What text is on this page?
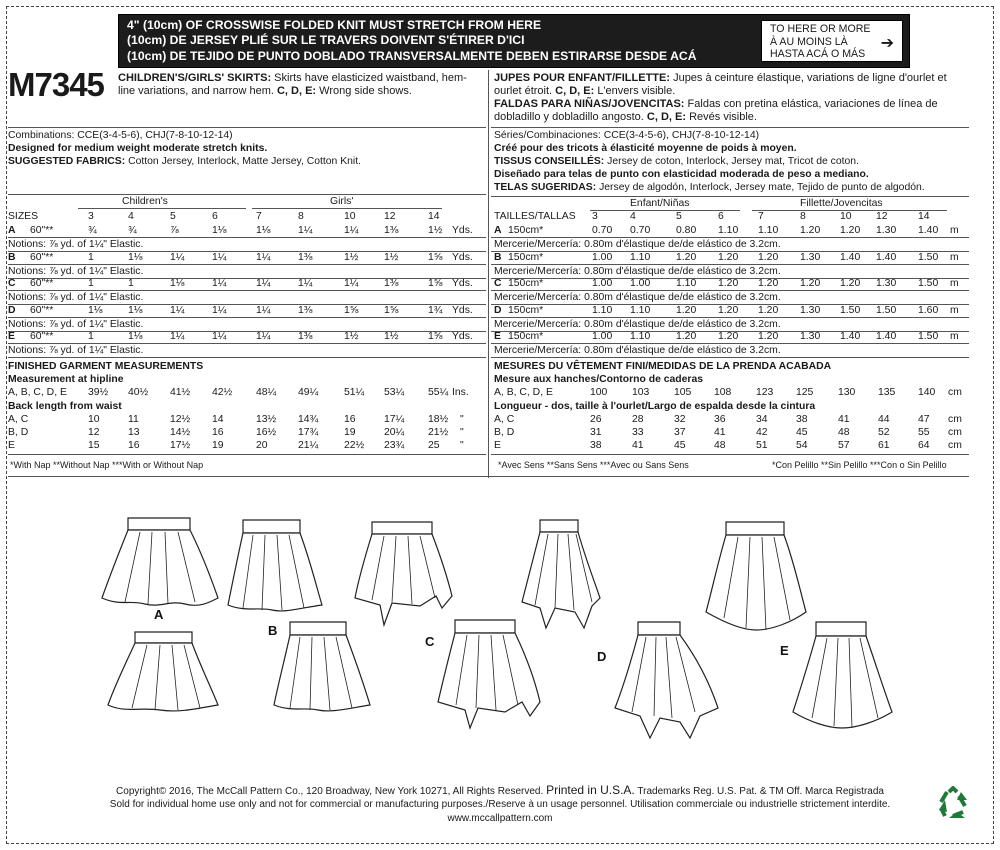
4" (10cm) OF CROSSWISE FOLDED KNIT MUST STRETCH FROM HERE
(10cm) DE JERSEY PLIÉ SUR LE TRAVERS DOIVENT S'ÉTIRER D'ICI
(10cm) DE TEJIDO DE PUNTO DOBLADO TRANSVERSALMENTE DEBEN ESTIRARSE DESDE ACÁ
TO HERE OR MORE
À AU MOINS LÀ
HASTA ACÁ O MÁS
➔
M7345 CHILDREN'S/GIRLS' SKIRTS: Skirts have elasticized waistband, hem-
line variations, and narrow hem. C, D, E: Wrong side shows.
JUPES POUR ENFANT/FILLETTE: Jupes à ceinture élastique, variations de ligne d'ourlet et
ourlet étroit. C, D, E: L'envers visible.
FALDAS PARA NIÑAS/JOVENCITAS: Faldas con pretina elástica, variaciones de línea de
dobladillo y dobladillo angosto. C, D, E: Revés visible.
Combinations: CCE(3-4-5-6), CHJ(7-8-10-12-14)
Designed for medium weight moderate stretch knits.
SUGGESTED FABRICS: Cotton Jersey, Interlock, Matte Jersey, Cotton Knit.
Séries/Combinaciones: CCE(3-4-5-6), CHJ(7-8-10-12-14)
Créé pour des tricots à élasticité moyenne de poids à moyen.
TISSUS CONSEILLÉS: Jersey de coton, Interlock, Jersey mat, Tricot de coton.
Diseñado para telas de punto con elasticidad moderada de peso a mediano.
TELAS SUGERIDAS: Jersey de algodón, Interlock, Jersey mate, Tejido de punto de algodón.
Children's	Girls'
SIZES	3	4	5	6	7	8	10	12	14
A 60"**	¾	¾	⅞	1⅛	1⅛	1¼	1¼ 1⅜	1½ Yds.
Notions: ⅞ yd. of 1¼" Elastic.
B 60"**	1	1⅛	1¼	1¼	1¼	1⅜	1½ 1½	1⅝ Yds.
Notions: ⅞ yd. of 1¼" Elastic.
C 60"**	1	1	1⅛	1¼	1¼	1¼	1¼ 1⅜	1⅝ Yds.
Notions: ⅞ yd. of 1¼" Elastic.
D 60"**	1⅛ 1⅛	1¼	1¼	1¼	1⅜	1⅝ 1⅝	1¾ Yds.
Notions: ⅞ yd. of 1¼" Elastic.
E 60"**	1	1⅛	1¼	1¼	1¼	1⅜	1½ 1½	1⅝ Yds.
Notions: ⅞ yd. of 1¼" Elastic.
Enfant/Niñas	Fillette/Jovencitas
TAILLES/TALLAS 3	4	5	6	7	8	10 12	14
A 150cm*	0.70 0.70 0.80 1.10 1.10 1.20 1.20 1.30 1.40 m
Mercerie/Mercería: 0.80m d'élastique de/de elástico de 3.2cm.
B 150cm*	1.00 1.10 1.20 1.20 1.20 1.30 1.40 1.40 1.50 m
Mercerie/Mercería: 0.80m d'élastique de/de elástico de 3.2cm.
C 150cm*	1.00 1.00 1.10 1.20 1.20 1.20 1.20 1.30 1.50 m
Mercerie/Mercería: 0.80m d'élastique de/de elástico de 3.2cm.
D 150cm*	1.10 1.10 1.20 1.20 1.20 1.30 1.50 1.50 1.60 m
Mercerie/Mercería: 0.80m d'élastique de/de elástico de 3.2cm.
E 150cm*	1.00 1.10 1.20 1.20 1.20 1.30 1.40 1.40 1.50 m
Mercerie/Mercería: 0.80m d'élastique de/de elástico de 3.2cm.
FINISHED GARMENT MEASUREMENTS
Measurement at hipline
Back length from waist
A, B, C, D, E 39½ 40½ 41½ 42½ 48¼ 49¼ 51¼ 53¼ 55¼ Ins.
A, C	10	11	12½ 14	13½ 14¾ 16	17¼ 18½ "
B, D	12	13	14½ 16	16½ 17¾ 19	20¼ 21½ "
E	15	16	17½ 19	20	21¼ 22½ 23¾ 25 "
MESURES DU VÊTEMENT FINI/MEDIDAS DE LA PRENDA ACABADA
Mesure aux hanches/Contorno de caderas
Longueur - dos, taille à l'ourlet/Largo de espalda desde la cintura
A, B, C, D, E	100 103 105 108 123 125 130 135 140 cm
A, C	26	28	32	36	34	38	41	44	47 cm
B, D	31	33	37	41	42	45	48	52	55 cm
E	38	41	45	48	51	54	57	61	64 cm
*With Nap **Without Nap ***With or Without Nap	*Avec Sens **Sans Sens ***Avec ou Sans Sens	*Con Pelillo **Sin Pelillo ***Con o Sin Pelillo
A
B
C
D	E
Copyright© 2016, The McCall Pattern Co., 120 Broadway, New York 10271, All Rights Reserved. Printed in U.S.A. Trademarks Reg. U.S. Pat. & TM Off. Marca Registrada
Sold for individual home use only and not for commercial or manufacturing purposes./Reserve à un usage personnel. Utilisation commerciale ou industrielle strictement interdite.
www.mccallpattern.com
